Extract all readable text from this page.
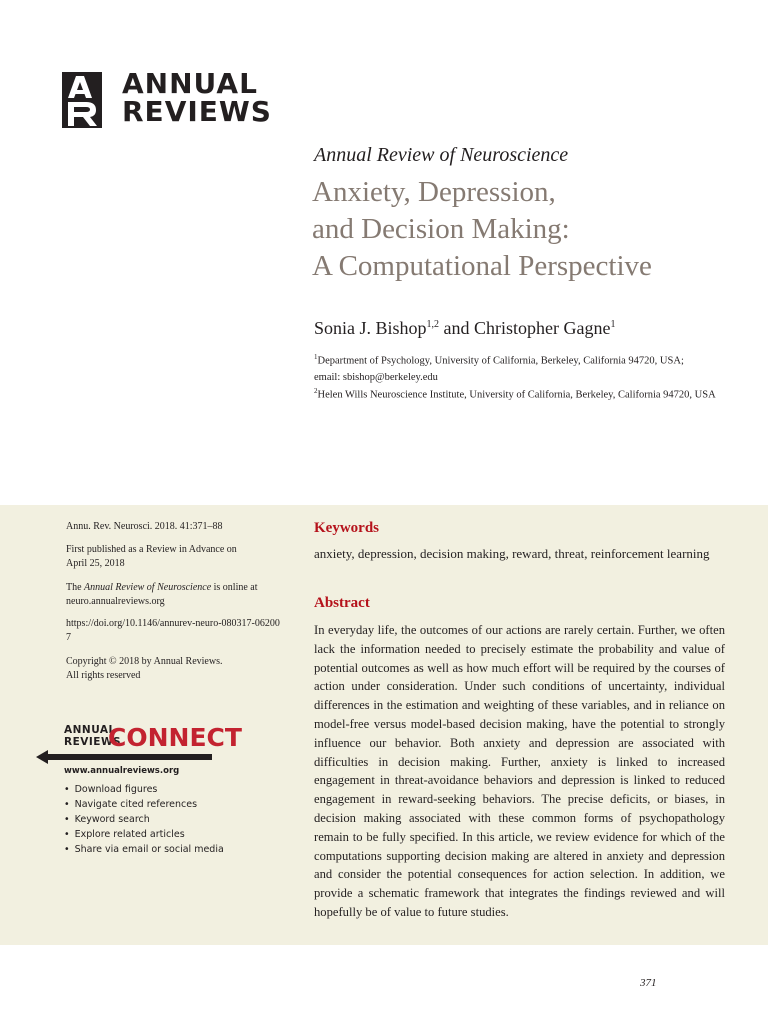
ANNUAL
REVIEWS
Annual Review of Neuroscience
Anxiety, Depression,
and Decision Making:
A Computational Perspective
Sonia J. Bishop$^{1,2}$ and Christopher Gagne$^1$
$^1$Department of Psychology, University of California, Berkeley, California 94720, USA;
email: sbishop@berkeley.edu
$^2$Helen Wills Neuroscience Institute, University of California, Berkeley, California 94720, USA
Annu. Rev. Neurosci. 2018. 41:371–88
First published as a Review in Advance on April 25, 2018
The Annual Review of Neuroscience is online at neuro.annualreviews.org
https://doi.org/10.1146/annurev-neuro-080317-062007
Copyright © 2018 by Annual Reviews.
All rights reserved
ANNUAL
REVIEWS
CONNECT
www.annualreviews.org
• Download figures
• Navigate cited references
• Keyword search
• Explore related articles
• Share via email or social media
Keywords
anxiety, depression, decision making, reward, threat, reinforcement learning
Abstract
In everyday life, the outcomes of our actions are rarely certain. Further, we often lack the information needed to precisely estimate the probability and value of potential outcomes as well as how much effort will be required by the courses of action under consideration. Under such conditions of uncertainty, individual differences in the estimation and weighting of these variables, and in reliance on model-free versus model-based decision making, have the potential to strongly influence our behavior. Both anxiety and depression are associated with difficulties in decision making. Further, anxiety is linked to increased engagement in threat-avoidance behaviors and depression is linked to reduced engagement in reward-seeking behaviors. The precise deficits, or biases, in decision making associated with these common forms of psychopathology remain to be fully specified. In this article, we review evidence for which of the computations supporting decision making are altered in anxiety and depression and consider the potential consequences for action selection. In addition, we provide a schematic framework that integrates the findings reviewed and will hopefully be of value to future studies.
371
